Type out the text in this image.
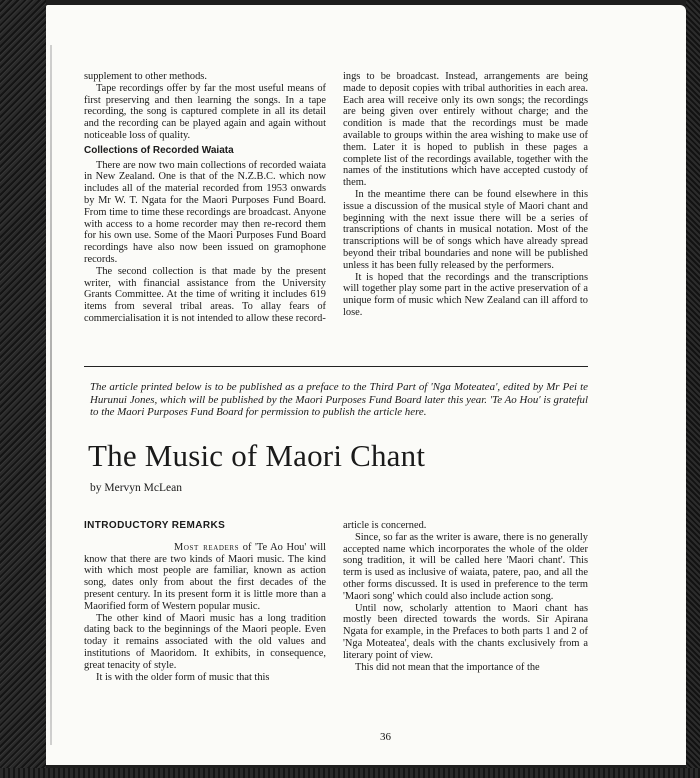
supplement to other methods.

Tape recordings offer by far the most useful means of first preserving and then learning the songs. In a tape recording, the song is captured complete in all its detail and the recording can be played again and again without noticeable loss of quality.

Collections of Recorded Waiata

There are now two main collections of recorded waiata in New Zealand. One is that of the N.Z.B.C. which now includes all of the material recorded from 1953 onwards by Mr W. T. Ngata for the Maori Purposes Fund Board. From time to time these recordings are broadcast. Anyone with access to a home recorder may then re-record them for his own use. Some of the Maori Purposes Fund Board recordings have also now been issued on gramophone records.

The second collection is that made by the present writer, with financial assistance from the University Grants Committee. At the time of writing it includes 619 items from several tribal areas. To allay fears of commercialisation it is not intended to allow these record-

ings to be broadcast. Instead, arrangements are being made to deposit copies with tribal authorities in each area. Each area will receive only its own songs; the recordings are being given over entirely without charge; and the condition is made that the recordings must be made available to groups within the area wishing to make use of them. Later it is hoped to publish in these pages a complete list of the recordings available, together with the names of the institutions which have accepted custody of them.

In the meantime there can be found elsewhere in this issue a discussion of the musical style of Maori chant and beginning with the next issue there will be a series of transcriptions of chants in musical notation. Most of the transcriptions will be of songs which have already spread beyond their tribal boundaries and none will be published unless it has been fully released by the performers.

It is hoped that the recordings and the transcriptions will together play some part in the active preservation of a unique form of music which New Zealand can ill afford to lose.

The article printed below is to be published as a preface to the Third Part of 'Nga Moteatea', edited by Mr Pei te Hurunui Jones, which will be published by the Maori Purposes Fund Board later this year. 'Te Ao Hou' is grateful to the Maori Purposes Fund Board for permission to publish the article here.

The Music of Maori Chant

by Mervyn McLean

INTRODUCTORY REMARKS

Most readers of 'Te Ao Hou' will know that there are two kinds of Maori music. The kind with which most people are familiar, known as action song, dates only from about the first decades of the present century. In its present form it is little more than a Maorified form of Western popular music.

The other kind of Maori music has a long tradition dating back to the beginnings of the Maori people. Even today it remains associated with the old values and institutions of Maoridom. It exhibits, in consequence, great tenacity of style.

It is with the older form of music that this

article is concerned.

Since, so far as the writer is aware, there is no generally accepted name which incorporates the whole of the older song tradition, it will be called here 'Maori chant'. This term is used as inclusive of waiata, patere, pao, and all the other forms discussed. It is used in preference to the term 'Maori song' which could also include action song.

Until now, scholarly attention to Maori chant has mostly been directed towards the words. Sir Apirana Ngata for example, in the Prefaces to both parts 1 and 2 of 'Nga Moteatea', deals with the chants exclusively from a literary point of view.

This did not mean that the importance of the

36
